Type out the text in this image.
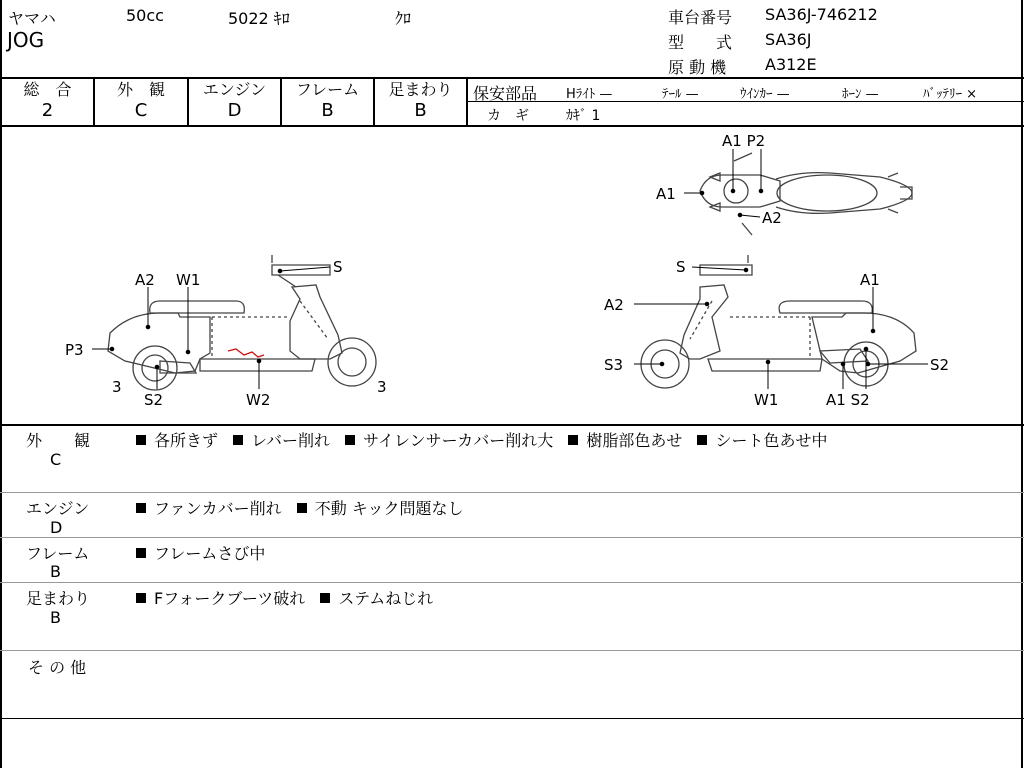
ヤマハ	50cc	5022 ｷﾛ	ｸﾛ
JOG
車台番号 SA36J-746212
型　　式 SA36J
原 動 機 A312E
総　合
2
外　観
C
エンジン
D
フレーム
B
足まわり
B
保安部品 Hﾗｲﾄ —	ﾃｰﾙ —	ｳｲﾝｶｰ —	ﾎｰﾝ —	ﾊﾞｯﾃﾘｰ ×
カ　ギ	ｶｷﾞ 1
A1 P2
A1
A2
A2 W1
S
P3
3
S2	W2
3
S
A1
A2
S3	S2
W1	A1 S2
外　　観
C
各所きず レバー削れ サイレンサーカバー削れ大 樹脂部色あせ シート色あせ中
エンジン
D
ファンカバー削れ 不動 キック問題なし
フレーム
B
フレームさび中
足まわり
B
Fフォークブーツ破れ ステムねじれ
そ の 他
